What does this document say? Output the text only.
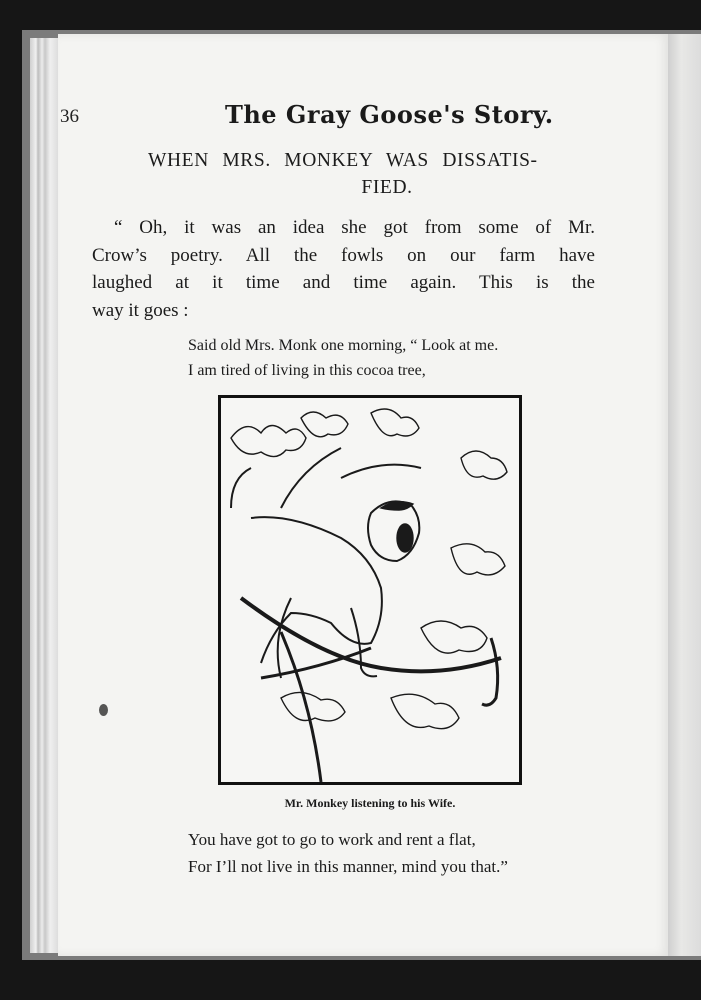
36	The Gray Goose's Story.
WHEN MRS. MONKEY WAS DISSATIS-
FIED.
“ Oh, it was an idea she got from some of Mr.
Crow’s poetry. All the fowls on our farm have
laughed at it time and time again. This is the
way it goes :
Said old Mrs. Monk one morning, “ Look at me.
I am tired of living in this cocoa tree,
Mr. Monkey listening to his Wife.
You have got to go to work and rent a flat,
For I’ll not live in this manner, mind you that.”
